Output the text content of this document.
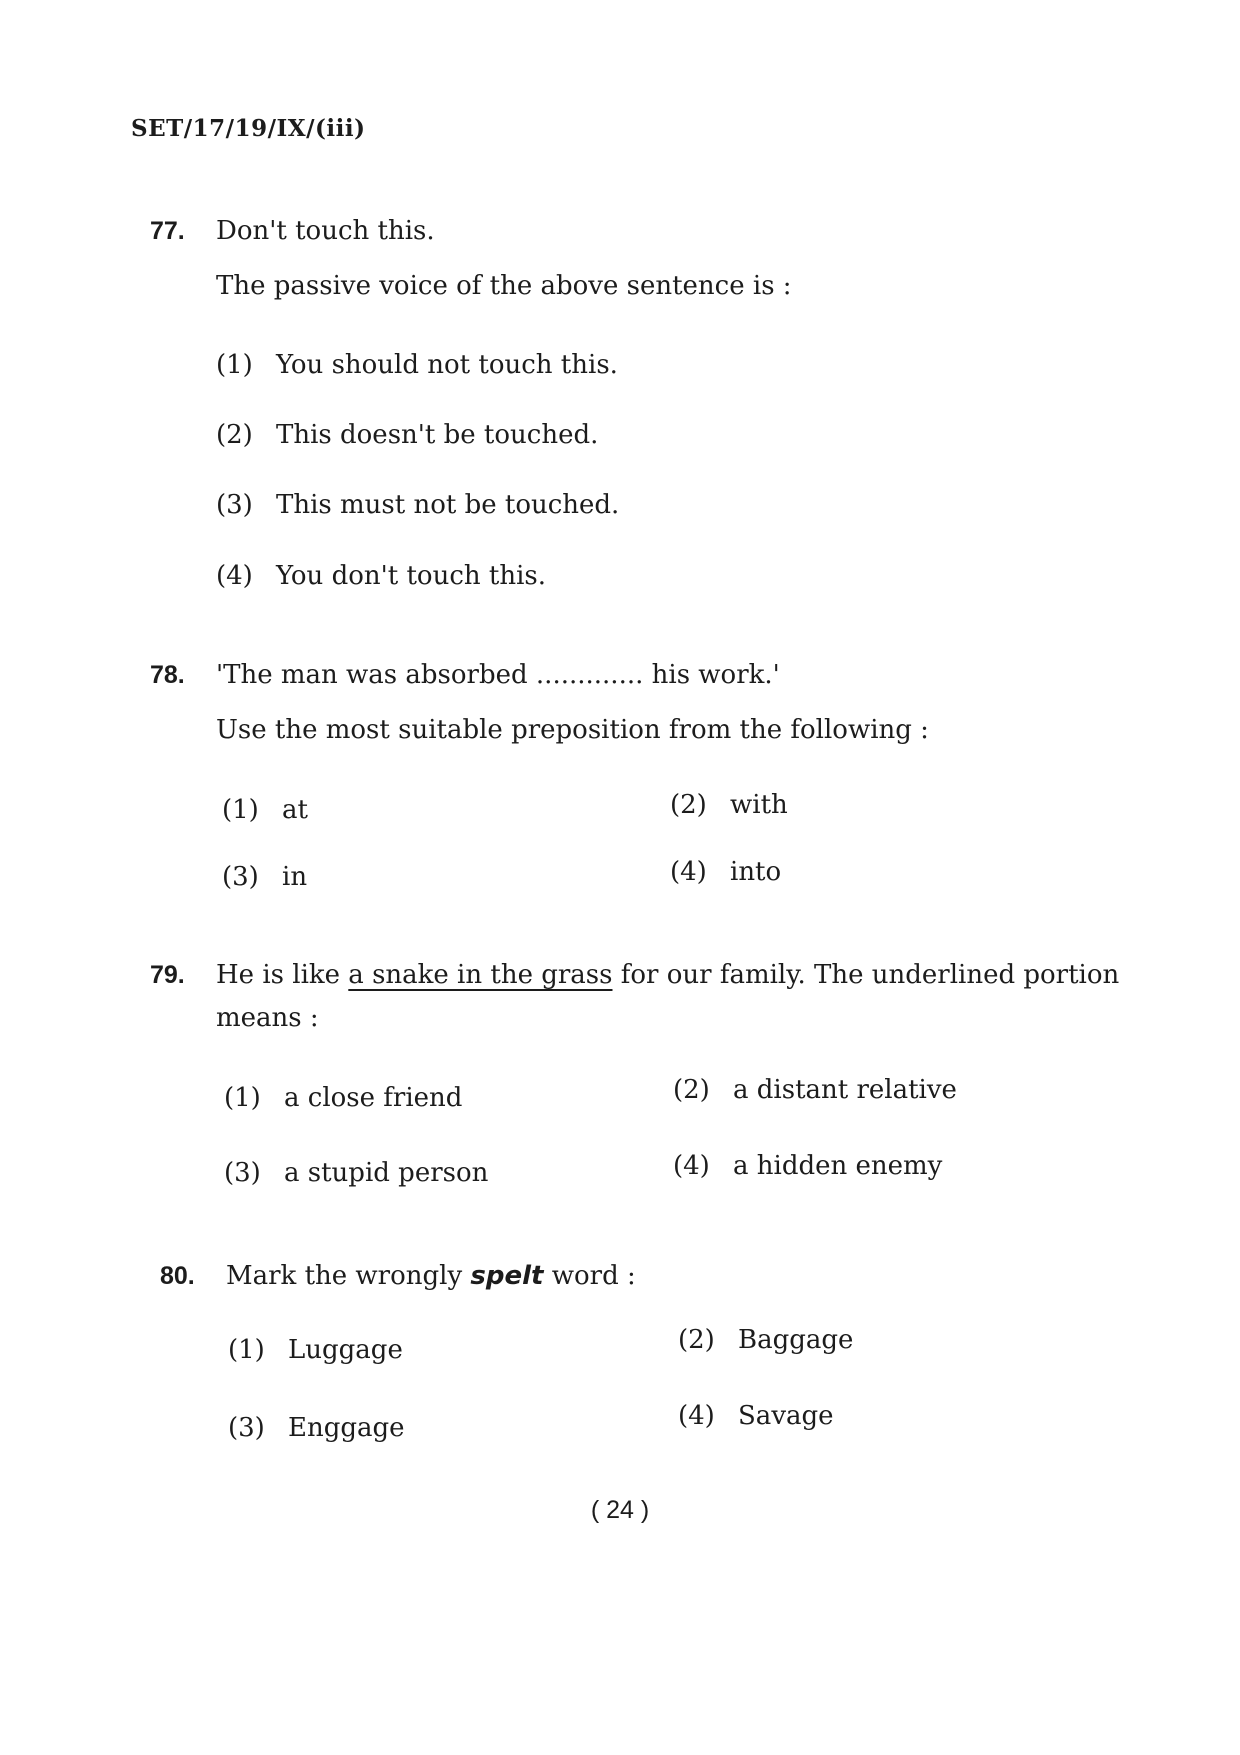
SET/17/19/IX/(iii)
77. Don't touch this.
The passive voice of the above sentence is :
(1) You should not touch this.
(2) This doesn't be touched.
(3) This must not be touched.
(4) You don't touch this.
78. 'The man was absorbed ............. his work.'
Use the most suitable preposition from the following :
(1) at	(2) with
(3) in	(4) into
79. He is like a snake in the grass for our family. The underlined portion means :
(1) a close friend	(2) a distant relative
(3) a stupid person	(4) a hidden enemy
80. Mark the wrongly spelt word :
(1) Luggage	(2) Baggage
(3) Enggage	(4) Savage
( 24 )
